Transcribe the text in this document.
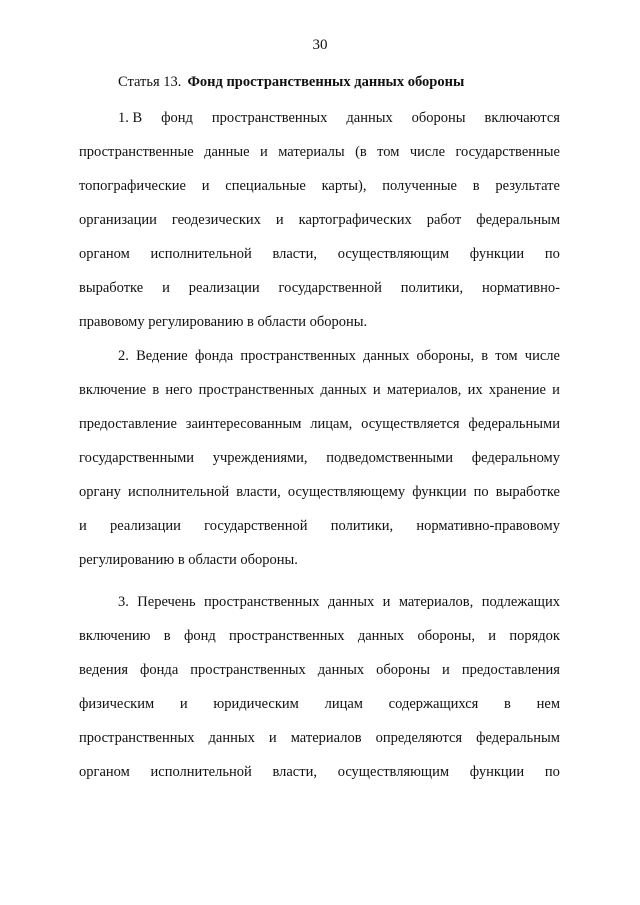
30
Статья 13. Фонд пространственных данных обороны
1. В фонд пространственных данных обороны включаются
пространственные данные и материалы (в том числе государственные
топографические и специальные карты), полученные в результате
организации геодезических и картографических работ федеральным
органом исполнительной власти, осуществляющим функции по
выработке и реализации государственной политики, нормативно-
правовому регулированию в области обороны.
2. Ведение фонда пространственных данных обороны, в том числе
включение в него пространственных данных и материалов, их хранение и
предоставление заинтересованным лицам, осуществляется федеральными
государственными учреждениями, подведомственными федеральному
органу исполнительной власти, осуществляющему функции по выработке
и реализации государственной политики, нормативно-правовому
регулированию в области обороны.
3. Перечень пространственных данных и материалов, подлежащих
включению в фонд пространственных данных обороны, и порядок
ведения фонда пространственных данных обороны и предоставления
физическим и юридическим лицам содержащихся в нем
пространственных данных и материалов определяются федеральным
органом исполнительной власти, осуществляющим функции по
